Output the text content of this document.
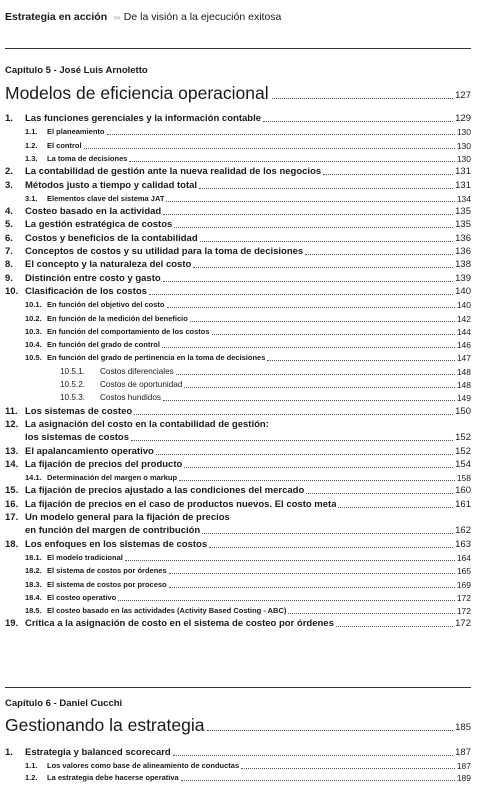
Estrategia en acción ›››› De la visión a la ejecución exitosa
Capítulo 5 - José Luis Arnoletto
Modelos de eficiencia operacional	127
1.	Las funciones gerenciales y la información contable	129
1.1.	El planeamiento	130
1.2.	El control	130
1.3.	La toma de decisiones	130
2.	La contabilidad de gestión ante la nueva realidad de los negocios	131
3.	Métodos justo a tiempo y calidad total	131
3.1.	Elementos clave del sistema JAT	134
4.	Costeo basado en la actividad	135
5.	La gestión estratégica de costos	135
6.	Costos y beneficios de la contabilidad	136
7.	Conceptos de costos y su utilidad para la toma de decisiones	136
8.	El concepto y la naturaleza del costo	138
9.	Distinción entre costo y gasto	139
10. Clasificación de los costos	140
10.1. En función del objetivo del costo	140
10.2. En función de la medición del beneficio	142
10.3. En función del comportamiento de los costos	144
10.4. En función del grado de control	146
10.5. En función del grado de pertinencia en la toma de decisiones	147
10.5.1.	Costos diferenciales	148
10.5.2.	Costos de oportunidad	148
10.5.3.	Costos hundidos	149
11. Los sistemas de costeo	150
12. La asignación del costo en la contabilidad de gestión:
los sistemas de costos	152
13. El apalancamiento operativo	152
14. La fijación de precios del producto	154
14.1. Determinación del margen o markup	158
15. La fijación de precios ajustado a las condiciones del mercado	160
16. La fijación de precios en el caso de productos nuevos. El costo meta	161
17. Un modelo general para la fijación de precios
en función del margen de contribución	162
18. Los enfoques en los sistemas de costos	163
18.1. El modelo tradicional	164
18.2. El sistema de costos por órdenes	165
18.3. El sistema de costos por proceso	169
18.4. El costeo operativo	172
18.5. El costeo basado en las actividades (Activity Based Costing - ABC)	172
19. Crítica a la asignación de costo en el sistema de costeo por órdenes	172
Capítulo 6 - Daniel Cucchi
Gestionando la estrategia	185
1.	Estrategia y balanced scorecard	187
1.1.	Los valores como base de alineamiento de conductas	187
1.2.	La estrategia debe hacerse operativa	189
